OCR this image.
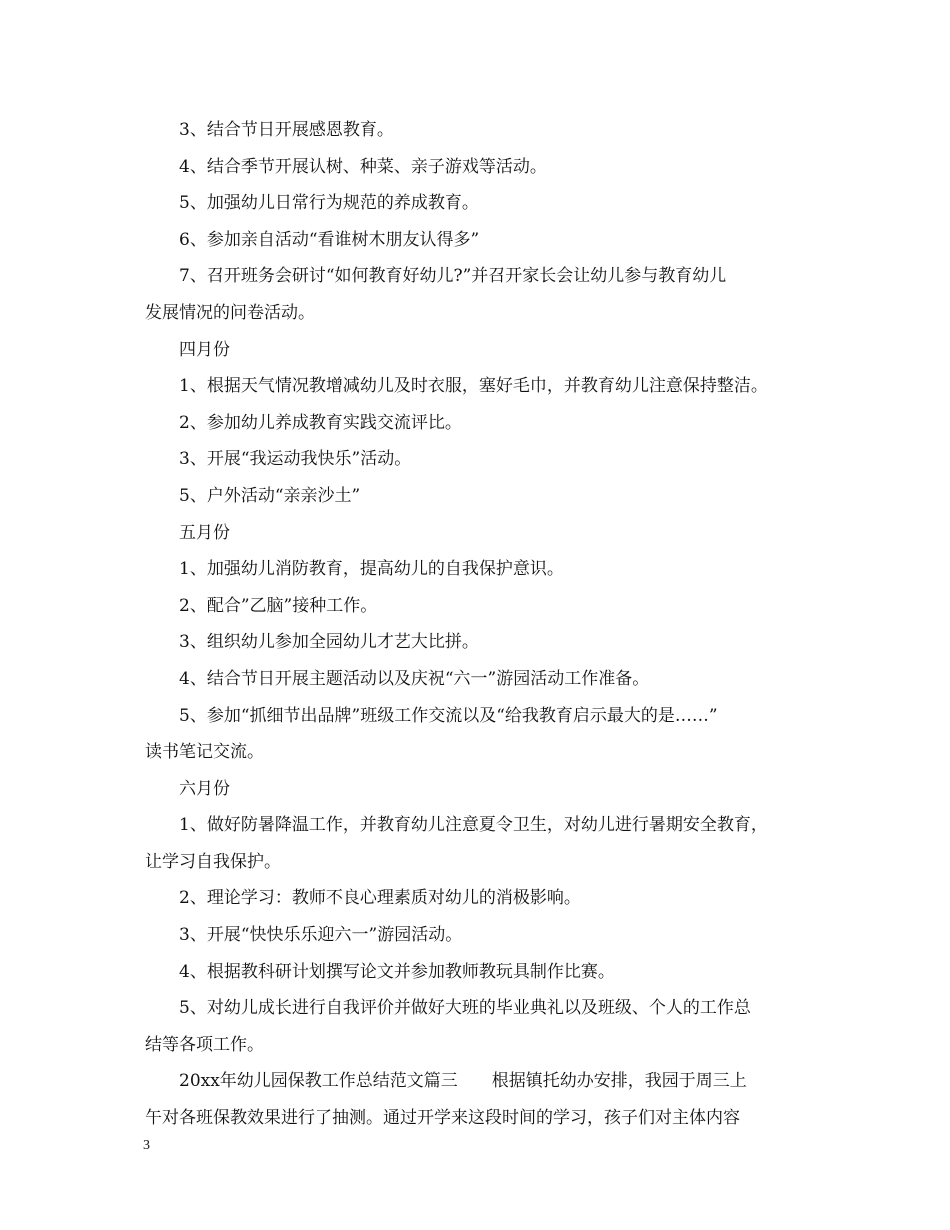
3、结合节日开展感恩教育。
4、结合季节开展认树、种菜、亲子游戏等活动。
5、加强幼儿日常行为规范的养成教育。
6、参加亲自活动“看谁树木朋友认得多”
7、召开班务会研讨“如何教育好幼儿?”并召开家长会让幼儿参与教育幼儿
发展情况的问卷活动。
四月份
1、根据天气情况教增减幼儿及时衣服，塞好毛巾，并教育幼儿注意保持整洁。
2、参加幼儿养成教育实践交流评比。
3、开展“我运动我快乐”活动。
5、户外活动“亲亲沙土”
五月份
1、加强幼儿消防教育，提高幼儿的自我保护意识。
2、配合”乙脑”接种工作。
3、组织幼儿参加全园幼儿才艺大比拼。
4、结合节日开展主题活动以及庆祝“六一”游园活动工作准备。
5、参加“抓细节出品牌”班级工作交流以及“给我教育启示最大的是……”
读书笔记交流。
六月份
1、做好防暑降温工作，并教育幼儿注意夏令卫生，对幼儿进行暑期安全教育，
让学习自我保护。
2、理论学习：教师不良心理素质对幼儿的消极影响。
3、开展“快快乐乐迎六一”游园活动。
4、根据教科研计划撰写论文并参加教师教玩具制作比赛。
5、对幼儿成长进行自我评价并做好大班的毕业典礼以及班级、个人的工作总
结等各项工作。
20xx年幼儿园保教工作总结范文篇三　　根据镇托幼办安排，我园于周三上
午对各班保教效果进行了抽测。通过开学来这段时间的学习，孩子们对主体内容
3
